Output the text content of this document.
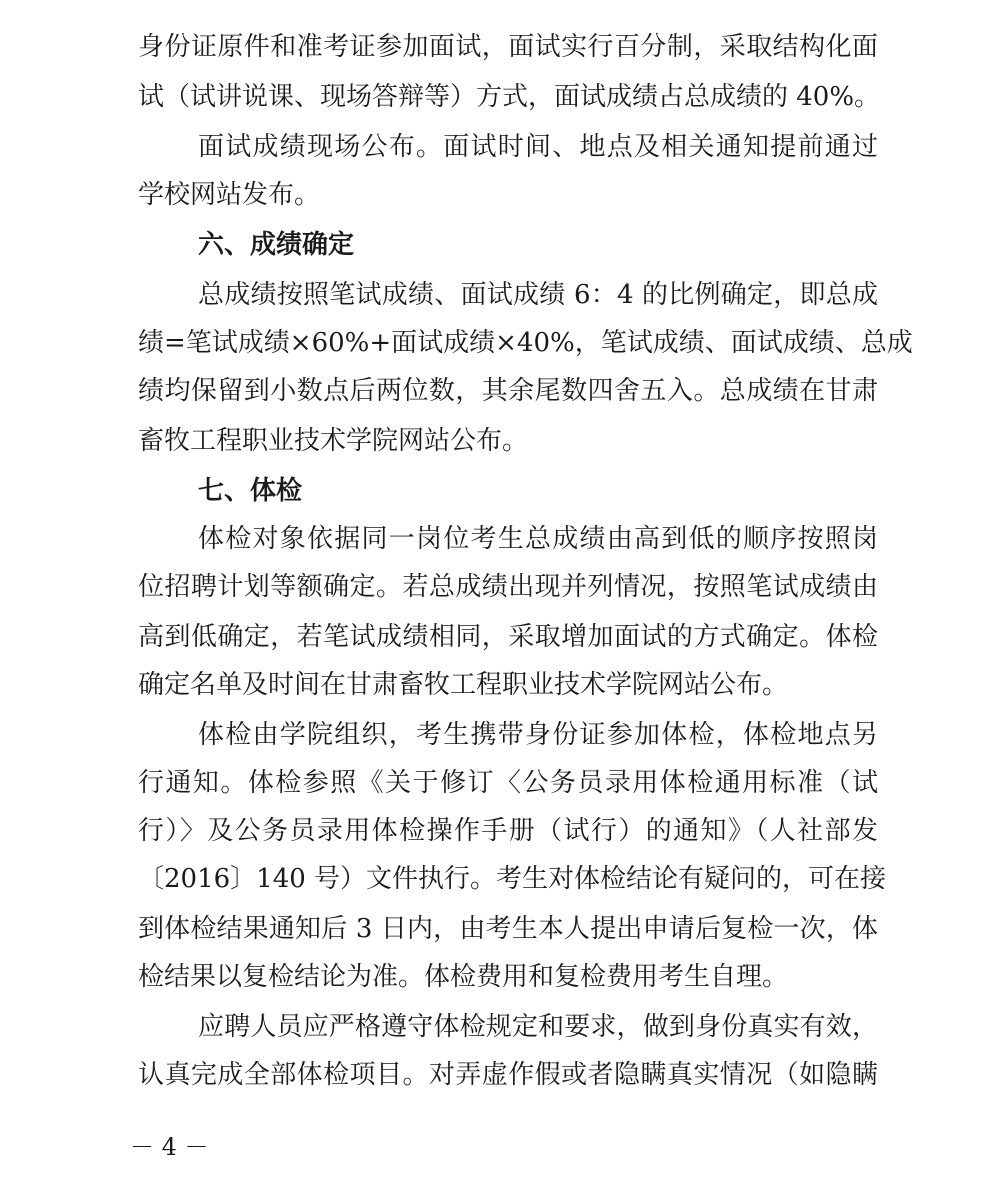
身份证原件和准考证参加面试，面试实行百分制，采取结构化面
试（试讲说课、现场答辩等）方式，面试成绩占总成绩的 40%。
面试成绩现场公布。面试时间、地点及相关通知提前通过
学校网站发布。
六、成绩确定
总成绩按照笔试成绩、面试成绩 6：4 的比例确定，即总成
绩=笔试成绩×60%+面试成绩×40%，笔试成绩、面试成绩、总成
绩均保留到小数点后两位数，其余尾数四舍五入。总成绩在甘肃
畜牧工程职业技术学院网站公布。
七、体检
体检对象依据同一岗位考生总成绩由高到低的顺序按照岗
位招聘计划等额确定。若总成绩出现并列情况，按照笔试成绩由
高到低确定，若笔试成绩相同，采取增加面试的方式确定。体检
确定名单及时间在甘肃畜牧工程职业技术学院网站公布。
体检由学院组织，考生携带身份证参加体检，体检地点另
行通知。体检参照《关于修订〈公务员录用体检通用标准（试
行）〉及公务员录用体检操作手册（试行）的通知》（人社部发
〔2016〕140 号）文件执行。考生对体检结论有疑问的，可在接
到体检结果通知后 3 日内，由考生本人提出申请后复检一次，体
检结果以复检结论为准。体检费用和复检费用考生自理。
应聘人员应严格遵守体检规定和要求，做到身份真实有效，
认真完成全部体检项目。对弄虚作假或者隐瞒真实情况（如隐瞒
－ 4 －
